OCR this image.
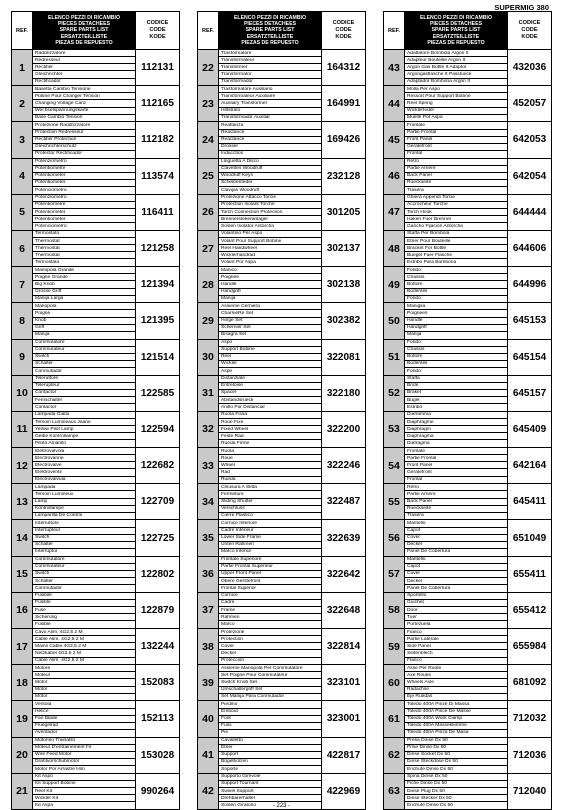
SUPERMIG 380
REF.
ELENCO PEZZI DI RICAMBIO
PIECES DETACHEES
SPARE PARTS LIST
ERSATZTEILLISTE
PIEZAS DE REPUESTO
CODICE
CODE
KODE
1
Raddrizzatore
Redresseur
Rectifier
Gleichrichter
Rectificador
112131
2
Basetta Cambio Tensione
Platine Pour Changer Tension
Changing Voltage Card
Wechselspannungskarte
Base Cambio Tension
112165
3
Protezione Raddrizzatore
Protection Redresseur
Rectifier Protection
Gleichrichterschutz
Protector Rectificador
112182
4
Potenziometro
Potentiometre
Potentiometer
Potentiometer
Potenciometro
113574
5
Potenziometro
Potentiometre
Potentiometer
Potentiometer
Potenciometro
116411
6
Termostato
Thermostat
Thermostat
Thermostat
Termostato
121258
7
Manopola Grande
Poigne Grande
Big Knob
Grosse Griff
Manija Larga
121394
8
Manopola
Poigne
Knob
Griff
Manija
121395
9
Commutatore
Commutateur
Switch
Schalter
Conmutador
121514
10
Teleruttore
Telerupteur
Contactor
Fernschalter
Contactor
122585
11
Lampada Gialla
Temoin Lumineaux Jaune
Yellow Pilot Lamp
Gelbe Kontrollampe
Piloto Amarillo
122594
12
Elettrovalvola
Electrovanne
Electrovalve
Elektroventil
Electrovalvula
122682
13
Lampada
Temoin Lumineux
Lamp
Kontrollampe
Lamparilla De Control
122709
14
Interruttore
Interrupteur
Switch
Schalter
Interruptor
122725
15
Commutatore
Commutateur
Switch
Schalter
Conmutador
122802
16
Fusibile
Fusible
Fuse
Sicherung
Fusible
122879
17
Cavo Alim. 4G2,5 2 M
Cable Alim. 4G2,5 2 M
Mains Cable 4G2,5 2 M
Netzkabel 4G2,5 2 M
Cable Alim. 4G2,5 2 M
132244
18
Motore
Moteur
Motor
Motor
Motor
152083
19
Ventola
Helice
Fan Blade
Fluegelrad
Aventador
152113
20
Motorino Trainafilo
Moteur D'entrainement Fil
Wire Feed Motor
Drahtvorschubmotor
Motor Por Arrastre Hilo
153028
21
Kit Aspo
Kit Support Bobine
Reel Kit
Wickler Kit
Kit Aspa
990264
REF.
ELENCO PEZZI DI RICAMBIO
PIECES DETACHEES
SPARE PARTS LIST
ERSATZTEILLISTE
PIEZAS DE REPUESTO
CODICE
CODE
KODE
22
Trasformatore
Transformateur
Transformer
Transformator
Transformador
164312
23
Trasformatore Ausiliario
Transformateur Auxiliaire
Auxiliary Transformer
Hilfstrafo
Transformador Auxiliar
164991
24
Reattanza
Reactance
Reactance
Drossel
Inducction
169426
25
Linguetta A Disco
Clavettes Woodruff
Woodruff Keys
Scheibenfeder
Clavijas Woodruff
232128
26
Protezione Attacco Torcie
Protection Isolant Torche
Torch Connection Protection
Brennerstekeranlager
Soslen Isolator Antorcha
301205
27
Volantino Per Aspo
Volant Pour Support Bobine
Reel Handwheel
Wicklerhandrad
Volant Por Aspa
302137
28
Manico
Poignee
Handle
Handgriff
Manija
302138
29
Assieme Cerniera
CharnièRe Set
Hinge Set
Schernier Set
Bisagra Set
302382
30
Aspo
Support Bobine
Reel
Wickler
Aspe
322081
31
Distanziale
Entretoise
Spacer
Abstandsrueck
Anillo Por Distanciar
322180
32
Ruota Fissa
Roue Fixe
Fixed Wheel
Feste Rad
Rueda Firme
322200
33
Ruota
Roue
Wheel
Rad
Rueda
322246
34
Chiusura A Slitta
Fermeture
Sliding Shutter
Verschluss
Cierre Plastico
322487
35
Cornice Inferiore
Cadre Inferieur
Lower Side Frame
Unten Rahmen
Marco Inferior
322639
36
Frontale Superiore
Partie Frontal Superieur
Upper Front Panel
Obere Gerstefront
Frontal Superior
322642
37
Cornice
Cadre
Frame
Rahmen
Marco
322648
38
Protezione
Protection
Cover
Deckel
Proteccion
322814
39
Assieme Manopola Per Commutatore
Set Poigne Pour Commutateur
Switch Knob Set
Umschaltergriff Set
Set Manija Para Conmutador
323101
40
Piedino
Embout
Foot
Fuss
Pie
323001
41
Cavalletto
Etrier
Support
Bügelbolzen
Soporte
422817
42
Supporto Girevole
Support Tournant
Swivel Support
Drehbarerhalter
Soslen Giratorio
422969
REF.
ELENCO PEZZI DI RICAMBIO
PIECES DETACHEES
SPARE PARTS LIST
ERSATZTEILLISTE
PIEZAS DE REPUESTO
CODICE
CODE
KODE
43
Adattatore Bombola Argon It
Adapteur Bouteille Argon It
Argon Gas Bottle It Adaptor
Argongasflasche It Passtueck
Adaptador Bombona Argon It
432036
44
Molla Per Aspo
Ressort Pour Support Bobine
Reel Spring
Wicklerfeder
Muelle Por Aspa
452057
45
Frontale
Partie Frontal
Front Panel
Geratefront
Frontal
642053
46
Retro
Partie Arriere
Back Panel
Rueckseite
Trasera
642054
47
Ghiera Appendi Torcie
Accrocheur Torche
Torch Hook
Haken Fuer Brenner
Gancho Fijacion Antorcha
644444
48
Staffa Per Bombola
Etrier Pour Bouteille
Bracket For Bottle
Buegel Fuer Flasche
Estribo Para Bombona
644606
49
Fondo
Chassis
Bottom
Bodenteil
Fondo
644996
50
Maniglia
Poignees
Handle
Handgriff
Manija
645153
51
Fondo
Chassis
Bottom
Bodenteil
Fondo
645154
52
Staffa
Bride
Braket
Bügel
Estribo
645157
53
Diaframma
Diaphragme
Diaphragm
Diaphragma
Diafragma
645409
54
Frontale
Partie Frontal
Front Panel
Geratefront
Frontal
642164
55
Retro
Partie Arriere
Back Panel
Rueckseite
Trasera
645411
56
Mantello
Capot
Cover
Deckel
Panel De Cobertura
651049
57
Mantello
Capot
Cover
Deckel
Panel De Cobertura
655411
58
Sportello
Guichet
Door
Tuer
Portezuela
655412
59
Fianco
Partie Laterale
Side Panel
Seitenblech
Flanco
655984
60
Asse Per Ruote
Axe Roues
Wheels Axle
Radachse
Eje Ruedas
681092
61
Toledo 400A Pinze Di Massa
Toledo 400A Pince De Masse
Toledo 400A Work Clamp
Toledo 400A Masseklemme
Toledo 400A Pinza De Masa
712032
62
Presa Dinse Dx 50
Prise Dinse Dx 50
Dinse Socket Dx 50
Dinse Steckdose Dx 50
Enchufe Dinse Dx 50
712036
63
Spina Dinse Dx 50
Fiche Dinse Dx 50
Dinse Plug Dx 50
Dinse Stecker Dx 50
Enchufe Dinse Dx 50
712040
- 223 -
